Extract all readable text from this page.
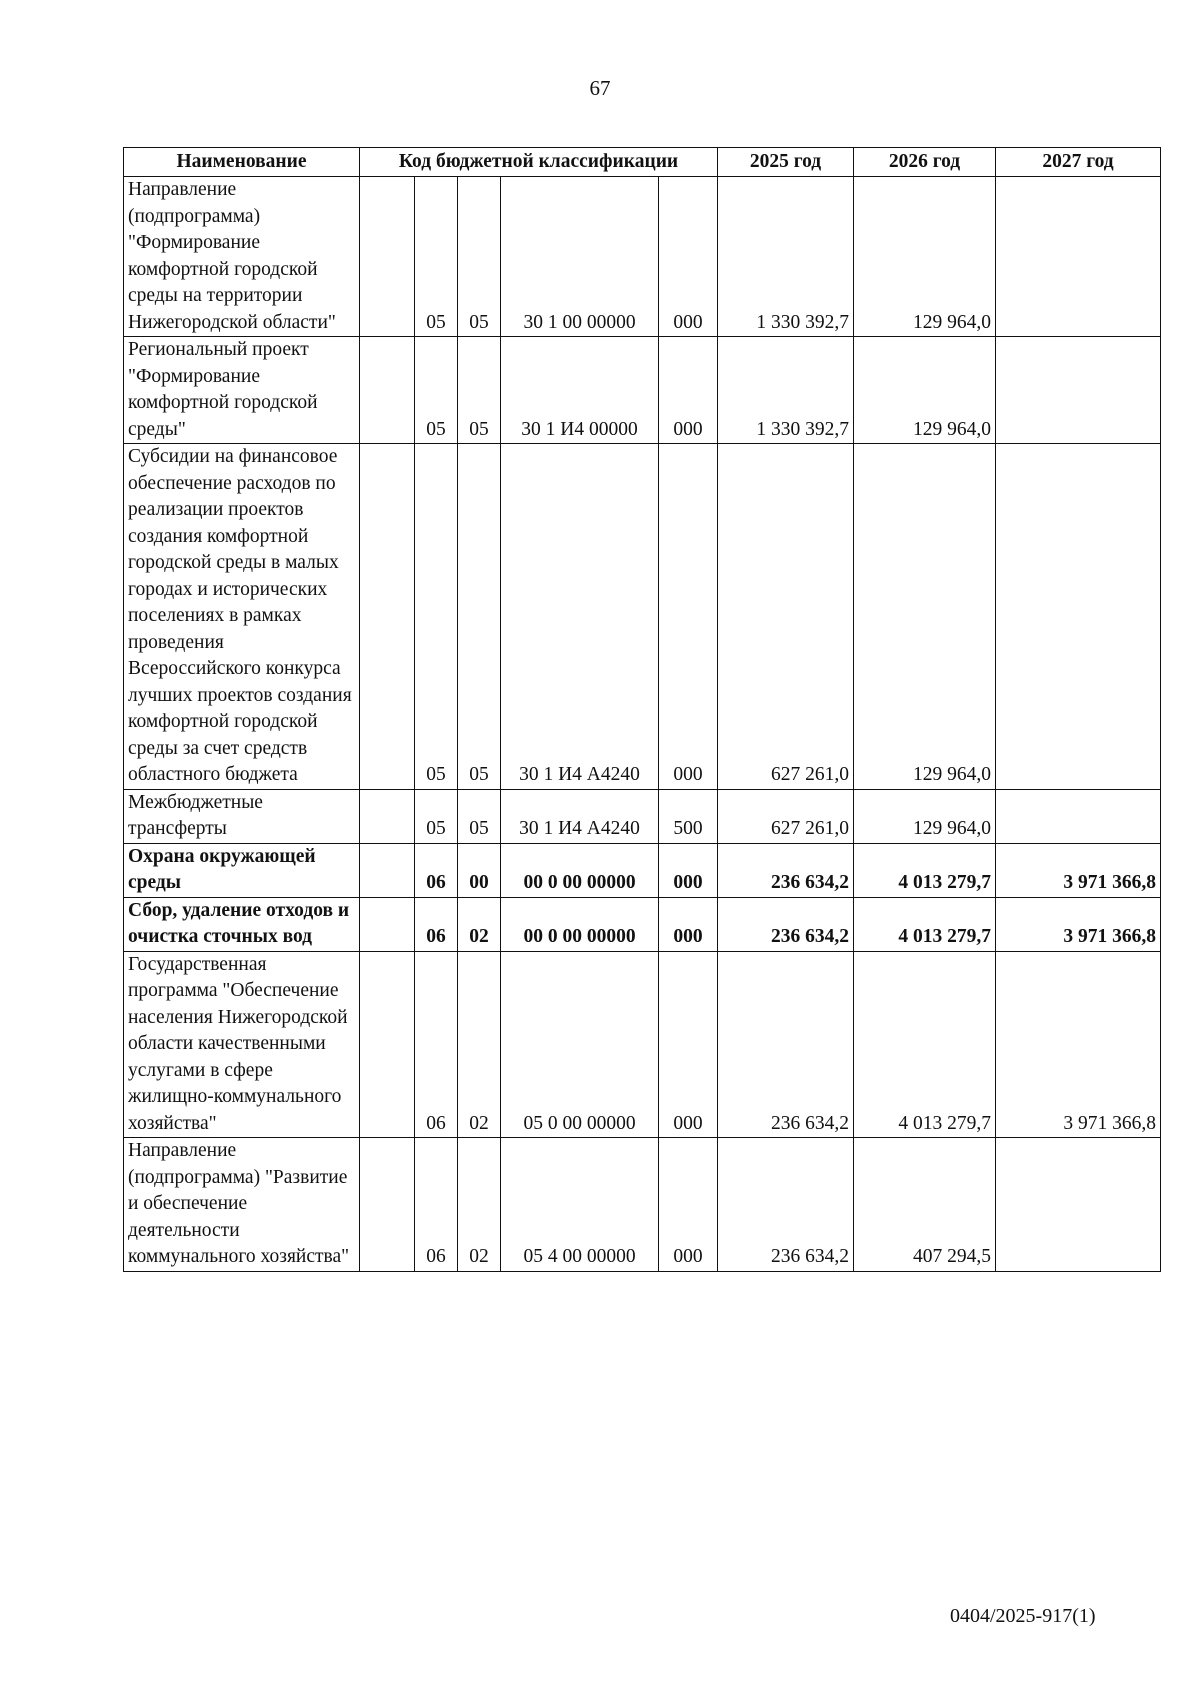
67
Наименование	Код бюджетной классификации					2025 год	2026 год	2027 год
Направление (подпрограмма) "Формирование комфортной городской среды на территории Нижегородской области"		05	05	30 1 00 00000	000	1 330 392,7	129 964,0	
Региональный проект "Формирование комфортной городской среды"		05	05	30 1 И4 00000	000	1 330 392,7	129 964,0	
Субсидии на финансовое обеспечение расходов по реализации проектов создания комфортной городской среды в малых городах и исторических поселениях в рамках проведения Всероссийского конкурса лучших проектов создания комфортной городской среды за счет средств областного бюджета		05	05	30 1 И4 А4240	000	627 261,0	129 964,0	
Межбюджетные трансферты		05	05	30 1 И4 А4240	500	627 261,0	129 964,0	
Охрана окружающей среды		06	00	00 0 00 00000	000	236 634,2	4 013 279,7	3 971 366,8
Сбор, удаление отходов и очистка сточных вод		06	02	00 0 00 00000	000	236 634,2	4 013 279,7	3 971 366,8
Государственная программа "Обеспечение населения Нижегородской области качественными услугами в сфере жилищно-коммунального хозяйства"		06	02	05 0 00 00000	000	236 634,2	4 013 279,7	3 971 366,8
Направление (подпрограмма) "Развитие и обеспечение деятельности коммунального хозяйства"		06	02	05 4 00 00000	000	236 634,2	407 294,5	
0404/2025-917(1)
